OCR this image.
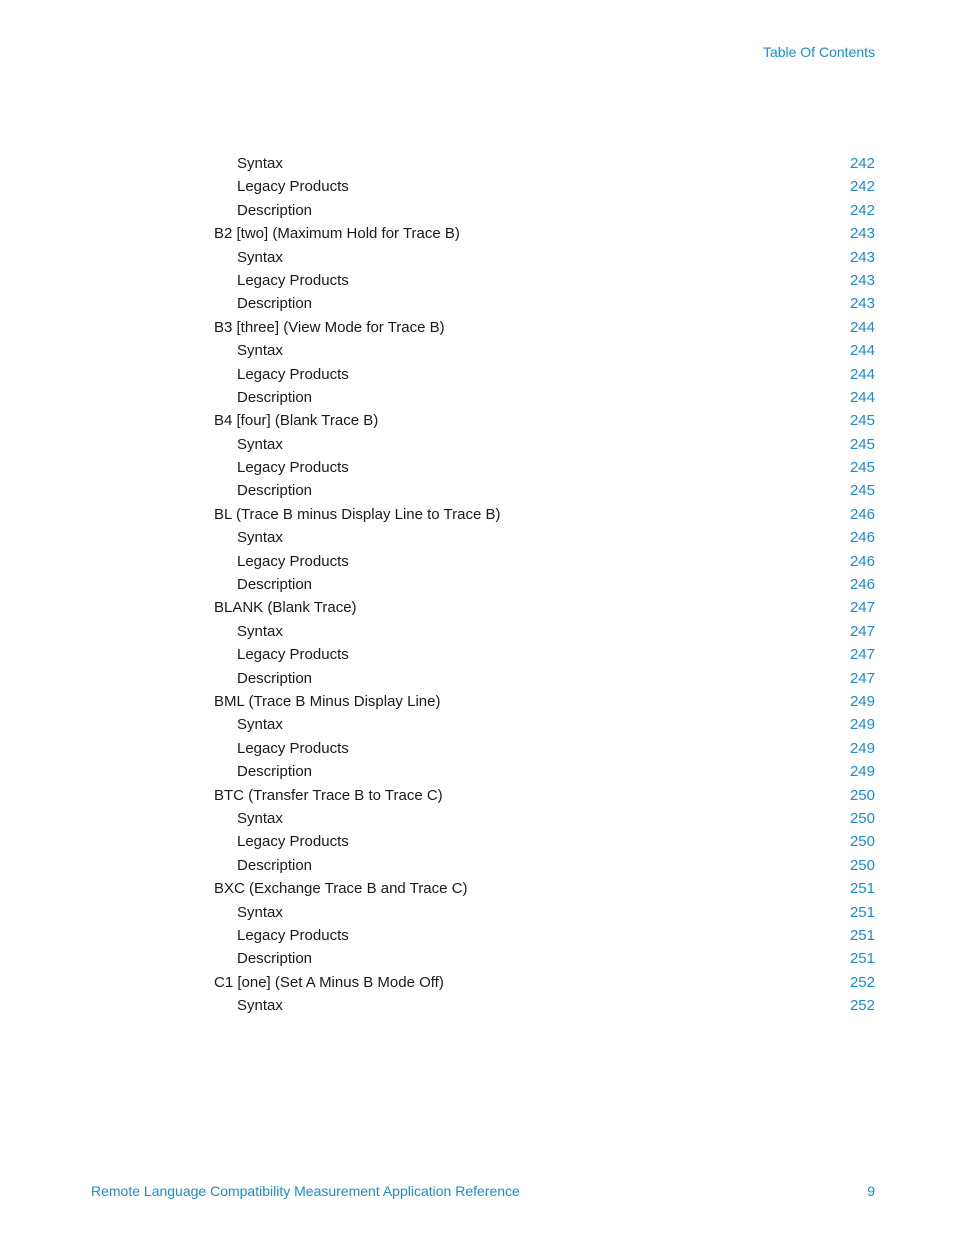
Table Of Contents
Syntax	242
Legacy Products	242
Description	242
B2 [two] (Maximum Hold for Trace B)	243
Syntax	243
Legacy Products	243
Description	243
B3 [three] (View Mode for Trace B)	244
Syntax	244
Legacy Products	244
Description	244
B4 [four] (Blank Trace B)	245
Syntax	245
Legacy Products	245
Description	245
BL (Trace B minus Display Line to Trace B)	246
Syntax	246
Legacy Products	246
Description	246
BLANK (Blank Trace)	247
Syntax	247
Legacy Products	247
Description	247
BML (Trace B Minus Display Line)	249
Syntax	249
Legacy Products	249
Description	249
BTC (Transfer Trace B to Trace C)	250
Syntax	250
Legacy Products	250
Description	250
BXC (Exchange Trace B and Trace C)	251
Syntax	251
Legacy Products	251
Description	251
C1 [one] (Set A Minus B Mode Off)	252
Syntax	252
Remote Language Compatibility Measurement Application Reference	9
